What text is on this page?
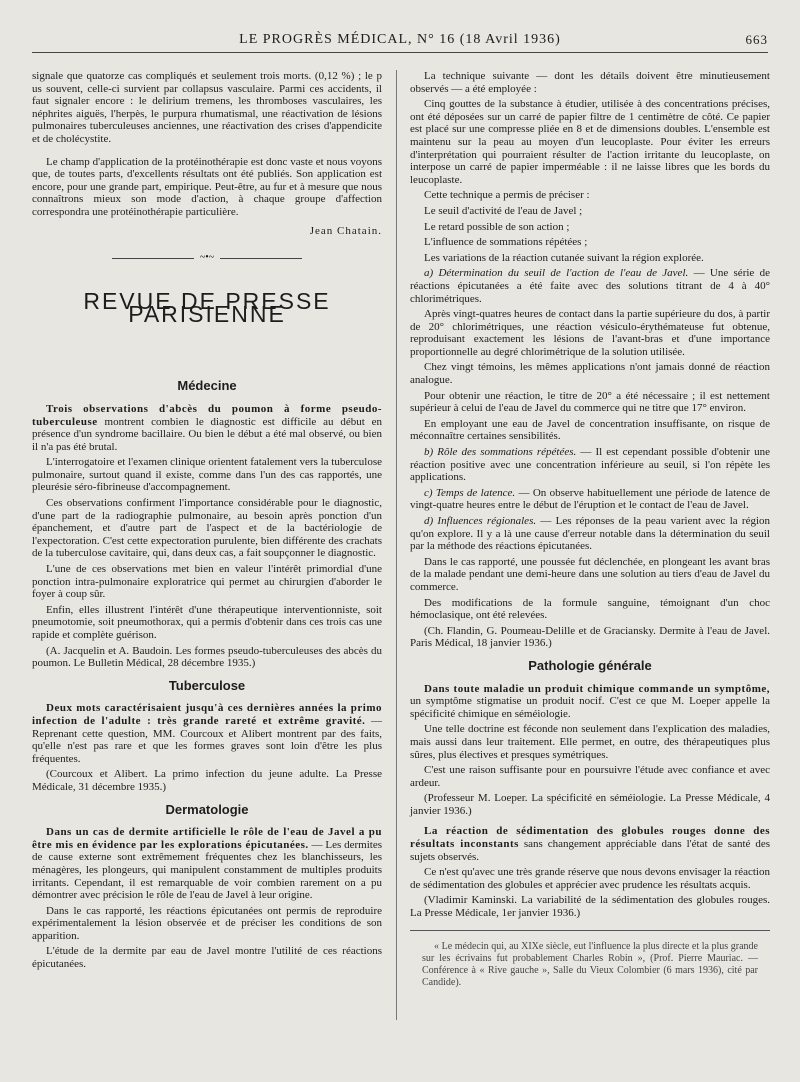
LE PROGRÈS MÉDICAL, N° 16 (18 Avril 1936)	663

signale que quatorze cas compliqués et seulement trois morts. (0,12 %) ; le p us souvent, celle-ci survient par collapsus vasculaire. Parmi ces accidents, il faut signaler encore : le delirium tremens, les thromboses vasculaires, les néphrites aiguës, l'herpès, le purpura rhumatismal, une réactivation de lésions pulmonaires tuberculeuses anciennes, une réactivation des crises d'appendicite et de cholécystite.

Le champ d'application de la protéinothérapie est donc vaste et nous voyons que, de toutes parts, d'excellents résultats ont été publiés. Son application est encore, pour une grande part, empirique. Peut-être, au fur et à mesure que nous connaîtrons mieux son mode d'action, à chaque groupe d'affection correspondra une protéinothérapie particulière.

Jean Chatain.
~•~
REVUE DE PRESSE PARISIENNE
Médecine

Trois observations d'abcès du poumon à forme pseudo-tuberculeuse montrent combien le diagnostic est difficile au début en présence d'un syndrome bacillaire. Ou bien le début a été mal observé, ou bien il n'a pas été brutal.

L'interrogatoire et l'examen clinique orientent fatalement vers la tuberculose pulmonaire, surtout quand il existe, comme dans l'un des cas rapportés, une pleurésie séro-fibrineuse d'accompagnement.

Ces observations confirment l'importance considérable pour le diagnostic, d'une part de la radiographie pulmonaire, au besoin après ponction d'un épanchement, et d'autre part de l'aspect et de la bactériologie de l'expectoration. C'est cette expectoration purulente, bien différente des crachats de la tuberculose cavitaire, qui, dans deux cas, a fait soupçonner le diagnostic.

L'une de ces observations met bien en valeur l'intérêt primordial d'une ponction intra-pulmonaire exploratrice qui permet au chirurgien d'aborder le foyer à coup sûr.

Enfin, elles illustrent l'intérêt d'une thérapeutique interventionniste, soit pneumotomie, soit pneumothorax, qui a permis d'obtenir dans ces trois cas une rapide et complète guérison.

(A. Jacquelin et A. Baudoin. Les formes pseudo-tuberculeuses des abcès du poumon. Le Bulletin Médical, 28 décembre 1935.)

Tuberculose

Deux mots caractérisaient jusqu'à ces dernières années la primo infection de l'adulte : très grande rareté et extrême gravité. — Reprenant cette question, MM. Courcoux et Alibert montrent par des faits, qu'elle n'est pas rare et que les formes graves sont loin d'être les plus fréquentes.

(Courcoux et Alibert. La primo infection du jeune adulte. La Presse Médicale, 31 décembre 1935.)

Dermatologie

Dans un cas de dermite artificielle le rôle de l'eau de Javel a pu être mis en évidence par les explorations épicutanées. — Les dermites de cause externe sont extrêmement fréquentes chez les blanchisseurs, les ménagères, les plongeurs, qui manipulent constamment de multiples produits irritants. Cependant, il est remarquable de voir combien rarement on a pu démontrer avec précision le rôle de l'eau de Javel à leur origine.

Dans le cas rapporté, les réactions épicutanées ont permis de reproduire expérimentalement la lésion observée et de préciser les conditions de son apparition.

L'étude de la dermite par eau de Javel montre l'utilité de ces réactions épicutanées.

La technique suivante — dont les détails doivent être minutieusement observés — a été employée :

Cinq gouttes de la substance à étudier, utilisée à des concentrations précises, ont été déposées sur un carré de papier filtre de 1 centimètre de côté. Ce papier est placé sur une compresse pliée en 8 et de dimensions doubles. L'ensemble est maintenu sur la peau au moyen d'un leucoplaste. Pour éviter les erreurs d'interprétation qui pourraient résulter de l'action irritante du leucoplaste, on interpose un carré de papier imperméable : il ne laisse libres que les bords du leucoplaste.

Cette technique a permis de préciser :

Le seuil d'activité de l'eau de Javel ;

Le retard possible de son action ;

L'influence de sommations répétées ;

Les variations de la réaction cutanée suivant la région explorée.

a) Détermination du seuil de l'action de l'eau de Javel. — Une série de réactions épicutanées a été faite avec des solutions titrant de 4 à 40° chlorimétriques.

Après vingt-quatres heures de contact dans la partie supérieure du dos, à partir de 20° chlorimétriques, une réaction vésiculo-érythémateuse fut obtenue, reproduisant exactement les lésions de l'avant-bras et d'une importance proportionnelle au degré chlorimétrique de la solution utilisée.

Chez vingt témoins, les mêmes applications n'ont jamais donné de réaction analogue.

Pour obtenir une réaction, le titre de 20° a été nécessaire ; il est nettement supérieur à celui de l'eau de Javel du commerce qui ne titre que 17° environ.

En employant une eau de Javel de concentration insuffisante, on risque de méconnaître certaines sensibilités.

b) Rôle des sommations répétées. — Il est cependant possible d'obtenir une réaction positive avec une concentration inférieure au seuil, si l'on répète les applications.

c) Temps de latence. — On observe habituellement une période de latence de vingt-quatre heures entre le début de l'éruption et le contact de l'eau de Javel.

d) Influences régionales. — Les réponses de la peau varient avec la région qu'on explore. Il y a là une cause d'erreur notable dans la détermination du seuil par la méthode des réactions épicutanées.

Dans le cas rapporté, une poussée fut déclenchée, en plongeant les avant bras de la malade pendant une demi-heure dans une solution au tiers d'eau de Javel du commerce.

Des modifications de la formule sanguine, témoignant d'un choc hémoclasique, ont été relevées.

(Ch. Flandin, G. Poumeau-Delille et de Graciansky. Dermite à l'eau de Javel. Paris Médical, 18 janvier 1936.)

Pathologie générale

Dans toute maladie un produit chimique commande un symptôme, un symptôme stigmatise un produit nocif. C'est ce que M. Loeper appelle la spécificité chimique en séméiologie.

Une telle doctrine est féconde non seulement dans l'explication des maladies, mais aussi dans leur traitement. Elle permet, en outre, des thérapeutiques plus sûres, plus électives et presques symétriques.

C'est une raison suffisante pour en poursuivre l'étude avec confiance et avec ardeur.

(Professeur M. Loeper. La spécificité en séméiologie. La Presse Médicale, 4 janvier 1936.)

La réaction de sédimentation des globules rouges donne des résultats inconstants sans changement appréciable dans l'état de santé des sujets observés.

Ce n'est qu'avec une très grande réserve que nous devons envisager la réaction de sédimentation des globules et apprécier avec prudence les résultats acquis.

(Vladimir Kaminski. La variabilité de la sédimentation des globules rouges. La Presse Médicale, 1er janvier 1936.)

« Le médecin qui, au XIXe siècle, eut l'influence la plus directe et la plus grande sur les écrivains fut probablement Charles Robin », (Prof. Pierre Mauriac. — Conférence à « Rive gauche », Salle du Vieux Colombier (6 mars 1936), cité par Candide).
